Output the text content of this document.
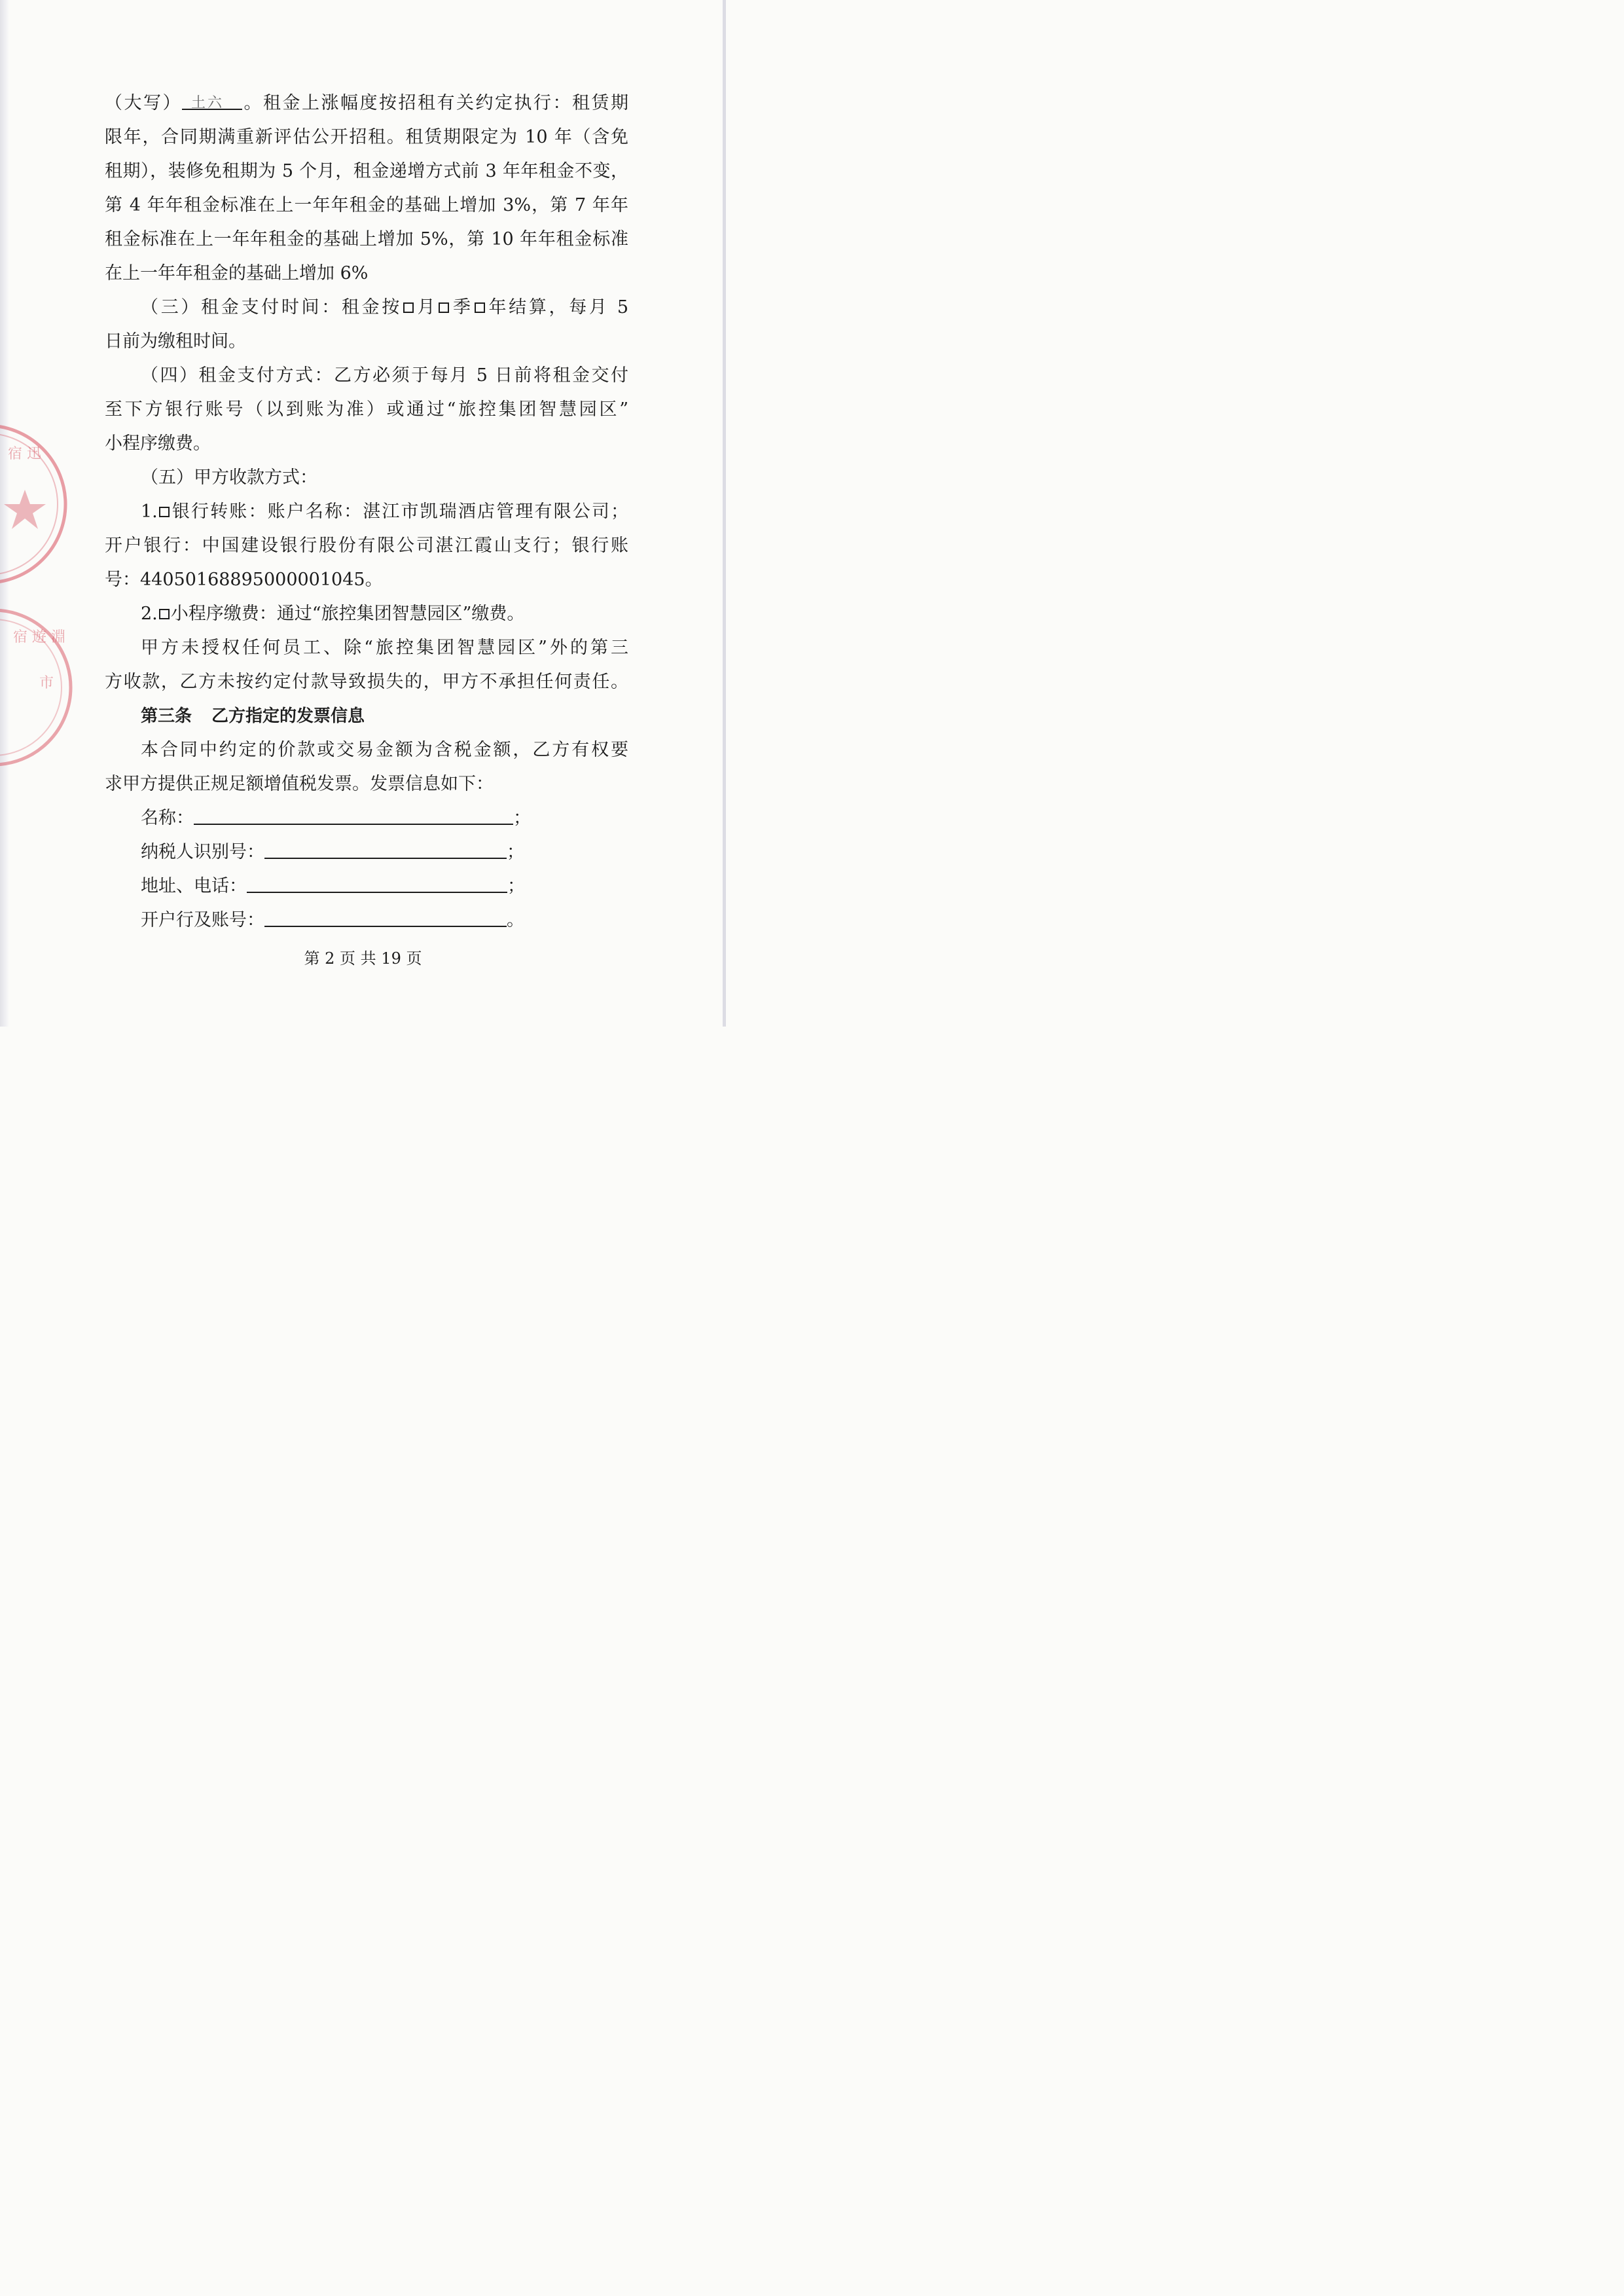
宿 迅
宿 遊 淵
市
（大写） 土 六 。租金上涨幅度按招租有关约定执行：租赁期
限年，合同期满重新评估公开招租。租赁期限定为 10 年（含免
租期），装修免租期为 5 个月，租金递增方式前 3 年年租金不变，
第 4 年年租金标准在上一年年租金的基础上增加 3%，第 7 年年
租金标准在上一年年租金的基础上增加 5%，第 10 年年租金标准
在上一年年租金的基础上增加 6%
（三）租金支付时间：租金按 月 季 年结算，每月 5
日前为缴租时间。
（四）租金支付方式：乙方必须于每月 5 日前将租金交付
至下方银行账号（以到账为准）或通过“旅控集团智慧园区”
小程序缴费。
（五）甲方收款方式：
1. 银行转账：账户名称：湛江市凯瑞酒店管理有限公司；
开户银行：中国建设银行股份有限公司湛江霞山支行；银行账
号：44050168895000001045。
2. 小程序缴费：通过“旅控集团智慧园区”缴费。
甲方未授权任何员工、除“旅控集团智慧园区”外的第三
方收款，乙方未按约定付款导致损失的，甲方不承担任何责任。
第三条 乙方指定的发票信息
本合同中约定的价款或交易金额为含税金额，乙方有权要
求甲方提供正规足额增值税发票。发票信息如下：
名称：	；
纳税人识别号：	；
地址、电话：	；
开户行及账号：	。
第 2 页 共 19 页
